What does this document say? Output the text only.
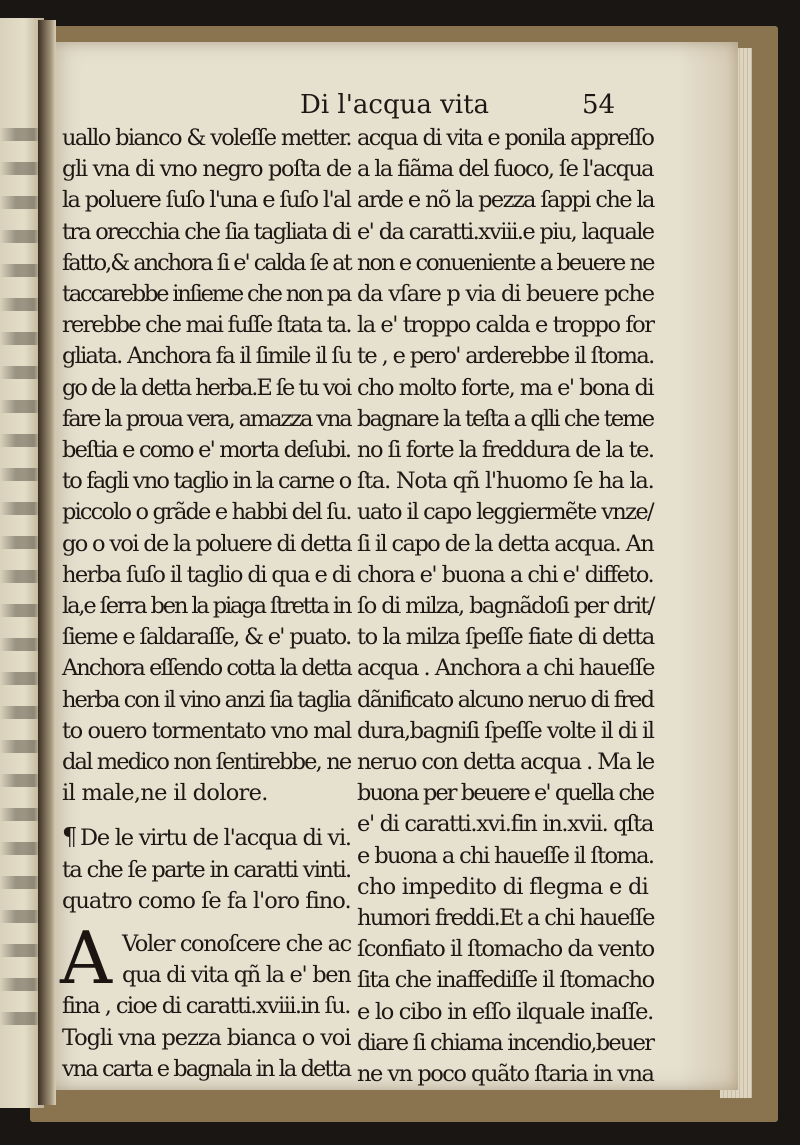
Di l'acqua vita	54
uallo bianco & voleſſe metter.
gli vna di vno negro poſta de
la poluere ſuſo l'una e ſuſo l'al
tra orecchia che ſia tagliata di
fatto,& anchora ſi e' calda ſe at
taccarebbe inſieme che non pa
rerebbe che mai fuſſe ſtata ta.
gliata. Anchora fa il ſimile il ſu
go de la detta herba.E ſe tu voi
fare la proua vera, amazza vna
beſtia e como e' morta deſubi.
to fagli vno taglio in la carne o
piccolo o grãde e habbi del ſu.
go o voi de la poluere di detta
herba ſuſo il taglio di qua e di
la,e ſerra ben la piaga ſtretta in
ſieme e ſaldaraſſe, & e' puato.
Anchora eſſendo cotta la detta
herba con il vino anzi ſia taglia
to ouero tormentato vno mal
dal medico non ſentirebbe, ne
il male,ne il dolore.
¶ De le virtu de l'acqua di vi.
ta che ſe parte in caratti vinti.
quatro como ſe fa l'oro fino.
A Voler conoſcere che ac
qua di vita qñ la e' ben
fina , cioe di caratti.xviii.in ſu.
Togli vna pezza bianca o voi
vna carta e bagnala in la detta
acqua di vita e ponila appreſſo
a la fiãma del fuoco, ſe l'acqua
arde e nõ la pezza ſappi che la
e' da caratti.xviii.e piu, laquale
non e conueniente a beuere ne
da vſare p via di beuere pche
la e' troppo calda e troppo for
te , e pero' arderebbe il ſtoma.
cho molto forte, ma e' bona di
bagnare la teſta a qlli che teme
no ſi forte la freddura de la te.
ſta. Nota qñ l'huomo ſe ha la.
uato il capo leggiermẽte vnze/
ſi il capo de la detta acqua. An
chora e' buona a chi e' diffeto.
ſo di milza, bagnãdoſi per drit/
to la milza ſpeſſe fiate di detta
acqua . Anchora a chi haueſſe
dãnificato alcuno neruo di fred
dura,bagniſi ſpeſſe volte il di il
neruo con detta acqua . Ma le
buona per beuere e' quella che
e' di caratti.xvi.fin in.xvii. qſta
e buona a chi haueſſe il ſtoma.
cho impedito di flegma e di
humori freddi.Et a chi haueſſe
ſconfiato il ſtomacho da vento
ſita che inaffediſſe il ſtomacho
e lo cibo in eſſo ilquale inaſſe.
diare ſi chiama incendio,beuer
ne vn poco quãto ſtaria in vna
